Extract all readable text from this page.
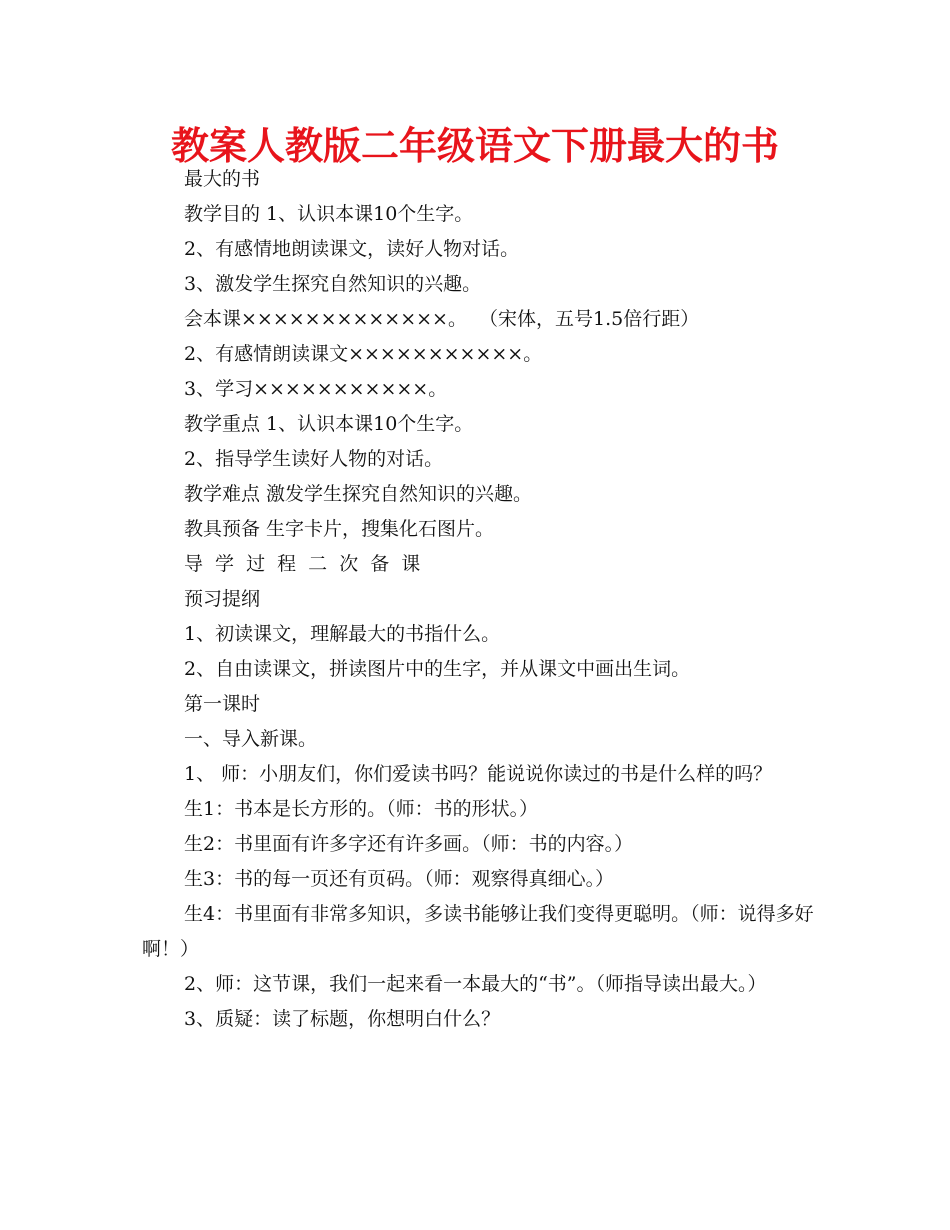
教案人教版二年级语文下册最大的书

最大的书

教学目的 1、认识本课10个生字。

2、有感情地朗读课文，读好人物对话。

3、激发学生探究自然知识的兴趣。

会本课×××××××××××××。  （宋体，五号1.5倍行距）

2、有感情朗读课文×××××××××××。

3、学习×××××××××××。

教学重点 1、认识本课10个生字。

2、指导学生读好人物的对话。

教学难点 激发学生探究自然知识的兴趣。

教具预备 生字卡片，搜集化石图片。

导 学 过 程 二 次 备 课

预习提纲

1、初读课文，理解最大的书指什么。

2、自由读课文，拼读图片中的生字，并从课文中画出生词。

第一课时

一、导入新课。

1、 师：小朋友们，你们爱读书吗？能说说你读过的书是什么样的吗？

生1：书本是长方形的。（师：书的形状。）

生2：书里面有许多字还有许多画。（师：书的内容。）

生3：书的每一页还有页码。（师：观察得真细心。）

生4：书里面有非常多知识，多读书能够让我们变得更聪明。（师：说得多好啊！）

2、师：这节课，我们一起来看一本最大的“书”。（师指导读出最大。）

3、质疑：读了标题，你想明白什么？
